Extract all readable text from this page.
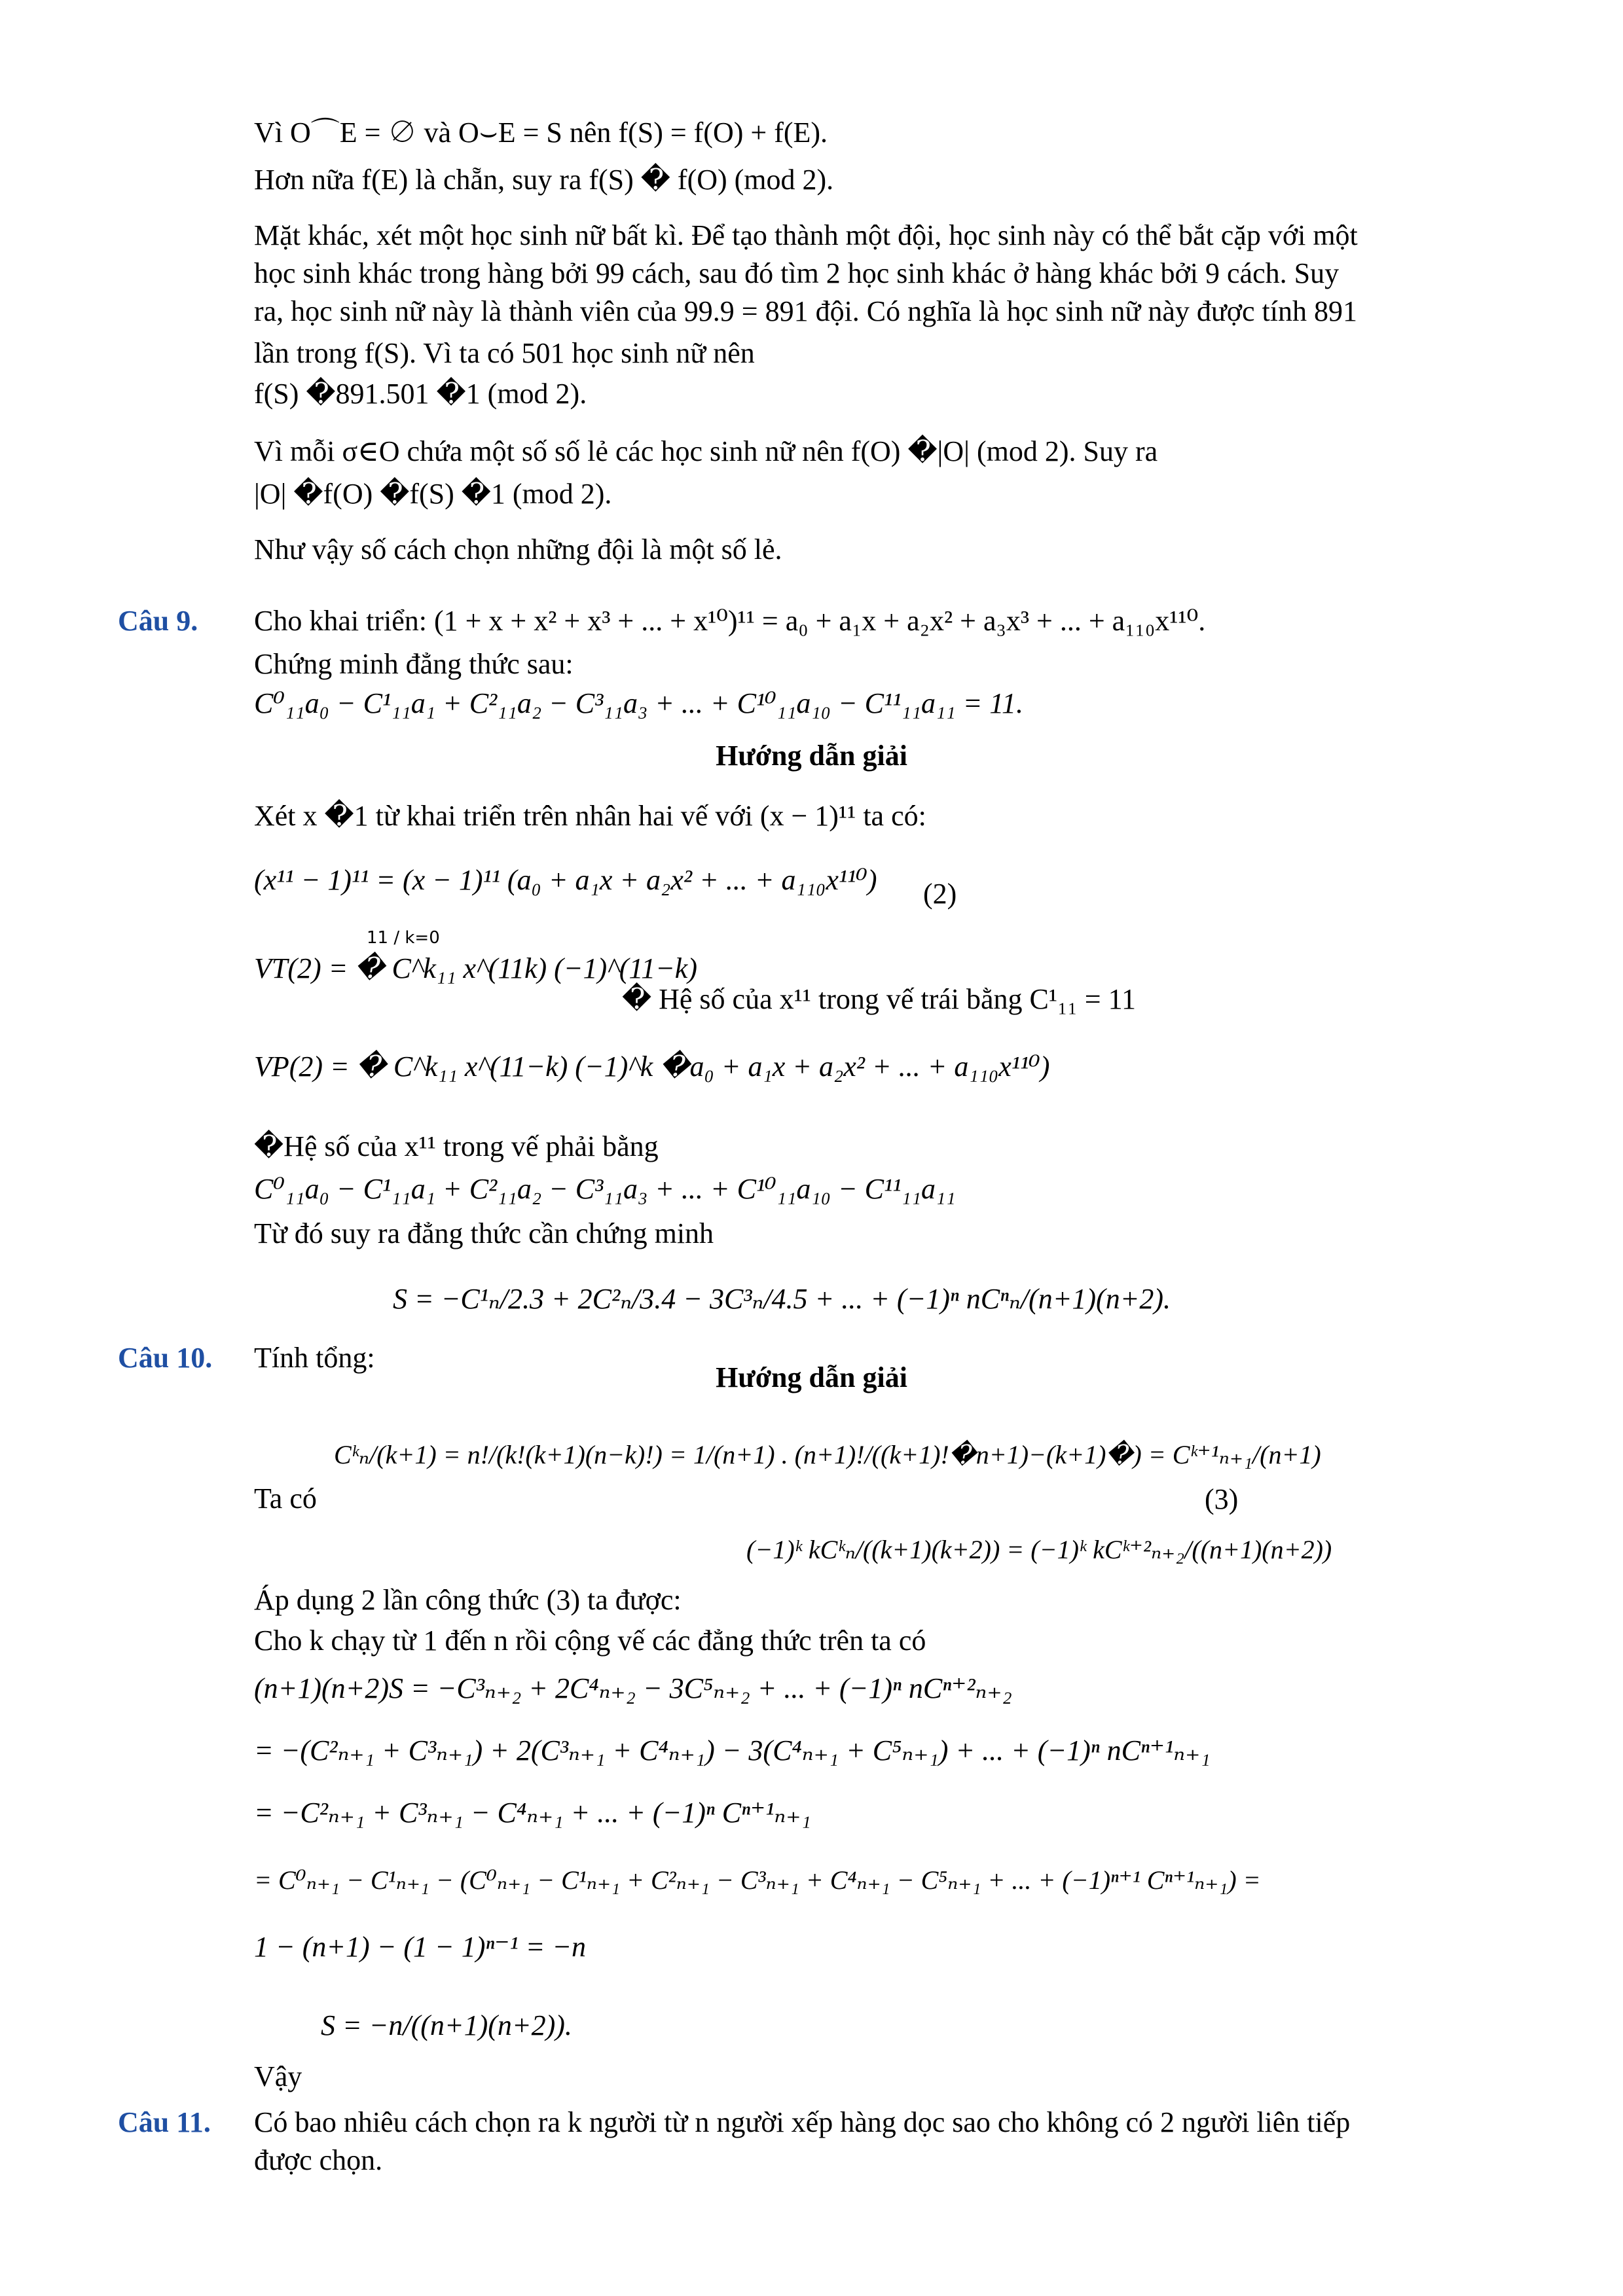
Vì O⌒E = ∅ và O⌣E = S nên f(S) = f(O) + f(E).
Hơn nữa f(E) là chẵn, suy ra f(S) � f(O) (mod 2).
Mặt khác, xét một học sinh nữ bất kì. Để tạo thành một đội, học sinh này có thể bắt cặp với một
học sinh khác trong hàng bởi 99 cách, sau đó tìm 2 học sinh khác ở hàng khác bởi 9 cách. Suy
ra, học sinh nữ này là thành viên của 99.9 = 891 đội. Có nghĩa là học sinh nữ này được tính 891
lần trong f(S). Vì ta có 501 học sinh nữ nên
f(S) �891.501 �1 (mod 2).
Vì mỗi σ∈O chứa một số số lẻ các học sinh nữ nên f(O) �|O| (mod 2). Suy ra
|O| �f(O) �f(S) �1 (mod 2).
Như vậy số cách chọn những đội là một số lẻ.
Câu 9. Cho khai triển: (1 + x + x² + x³ + ... + x¹⁰)¹¹ = a₀ + a₁x + a₂x² + a₃x³ + ... + a₁₁₀x¹¹⁰.
Chứng minh đẳng thức sau:
C⁰₁₁a₀ − C¹₁₁a₁ + C²₁₁a₂ − C³₁₁a₃ + ... + C¹⁰₁₁a₁₀ − C¹¹₁₁a₁₁ = 11.
Hướng dẫn giải
Xét x �1 từ khai triển trên nhân hai vế với (x − 1)¹¹ ta có:
(x¹¹ − 1)¹¹ = (x − 1)¹¹ (a₀ + a₁x + a₂x² + ... + a₁₁₀x¹¹⁰) (2)
VT(2) = � C^k₁₁ x^(11k) (−1)^(11−k)
11 / k=0
� Hệ số của x¹¹ trong vế trái bằng C¹₁₁ = 11
VP(2) = � C^k₁₁ x^(11−k) (−1)^k �a₀ + a₁x + a₂x² + ... + a₁₁₀x¹¹⁰)
�Hệ số của x¹¹ trong vế phải bằng
C⁰₁₁a₀ − C¹₁₁a₁ + C²₁₁a₂ − C³₁₁a₃ + ... + C¹⁰₁₁a₁₀ − C¹¹₁₁a₁₁
Từ đó suy ra đẳng thức cần chứng minh
Câu 10. Tính tổng:
S = −C¹ₙ/2.3 + 2C²ₙ/3.4 − 3C³ₙ/4.5 + ... + (−1)ⁿ nCⁿₙ/(n+1)(n+2).
Hướng dẫn giải
Ta có
Cᵏₙ/(k+1) = n!/(k!(k+1)(n−k)!) = 1/(n+1) . (n+1)!/((k+1)!�n+1)−(k+1)�) = Cᵏ⁺¹ₙ₊₁/(n+1)
(3)
(−1)ᵏ kCᵏₙ/((k+1)(k+2)) = (−1)ᵏ kCᵏ⁺²ₙ₊₂/((n+1)(n+2))
Áp dụng 2 lần công thức (3) ta được:
Cho k chạy từ 1 đến n rồi cộng vế các đẳng thức trên ta có
(n+1)(n+2)S = −C³ₙ₊₂ + 2C⁴ₙ₊₂ − 3C⁵ₙ₊₂ + ... + (−1)ⁿ nCⁿ⁺²ₙ₊₂
= −(C²ₙ₊₁ + C³ₙ₊₁) + 2(C³ₙ₊₁ + C⁴ₙ₊₁) − 3(C⁴ₙ₊₁ + C⁵ₙ₊₁) + ... + (−1)ⁿ nCⁿ⁺¹ₙ₊₁
= −C²ₙ₊₁ + C³ₙ₊₁ − C⁴ₙ₊₁ + ... + (−1)ⁿ Cⁿ⁺¹ₙ₊₁
= C⁰ₙ₊₁ − C¹ₙ₊₁ − (C⁰ₙ₊₁ − C¹ₙ₊₁ + C²ₙ₊₁ − C³ₙ₊₁ + C⁴ₙ₊₁ − C⁵ₙ₊₁ + ... + (−1)ⁿ⁺¹ Cⁿ⁺¹ₙ₊₁) =
1 − (n+1) − (1 − 1)ⁿ⁻¹ = −n
Vậy
S = −n/((n+1)(n+2)).
Câu 11. Có bao nhiêu cách chọn ra k người từ n người xếp hàng dọc sao cho không có 2 người liên tiếp
được chọn.
